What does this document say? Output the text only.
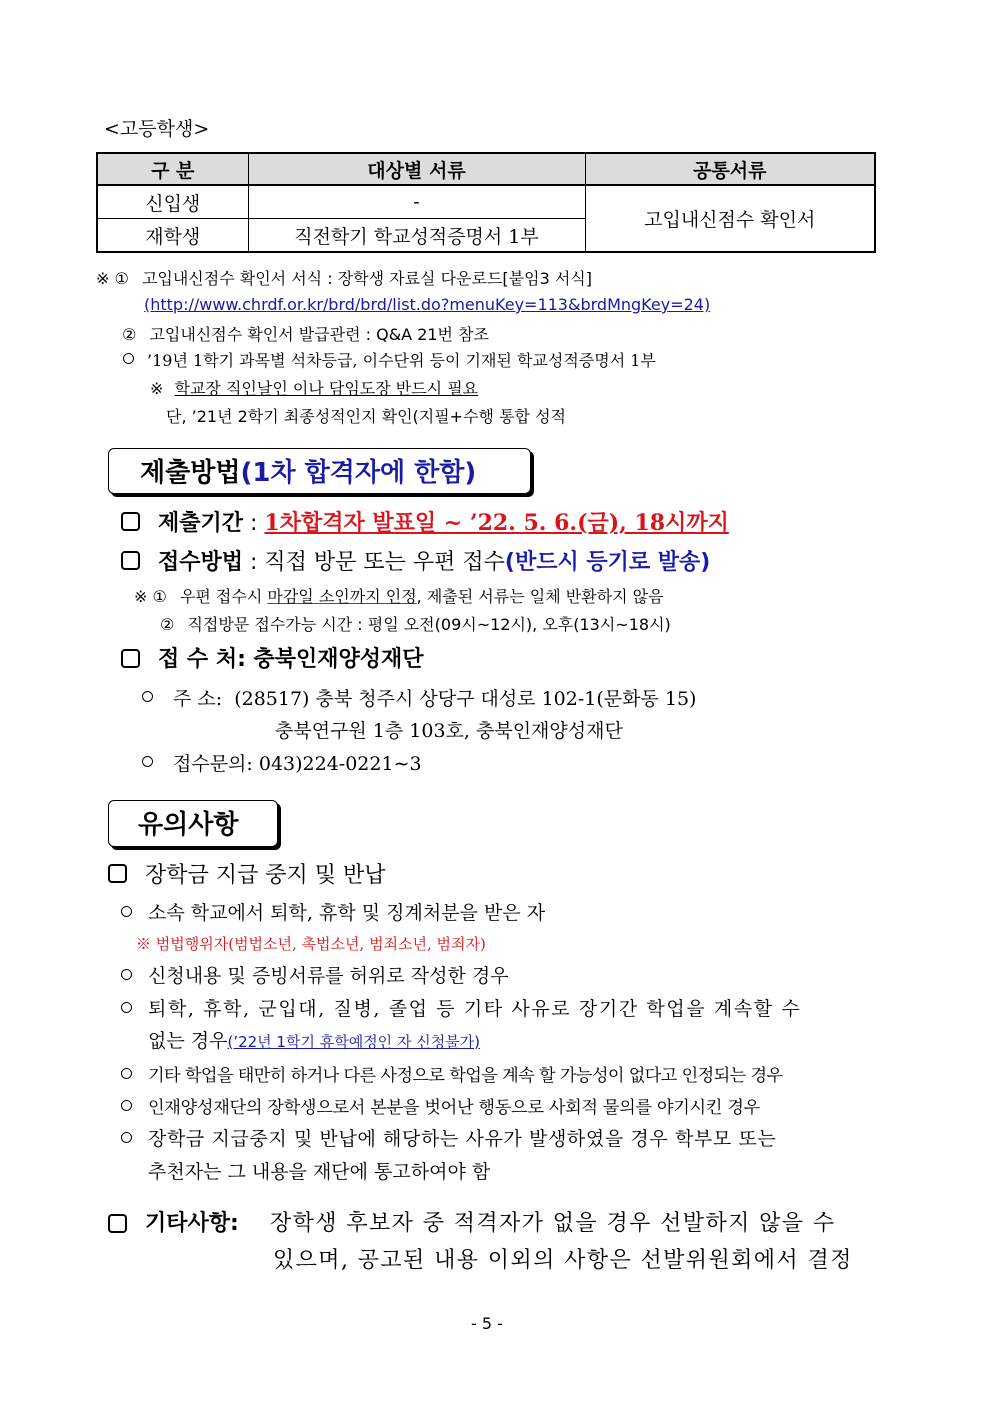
<고등학생>
구 분	대상별 서류	공통서류
신입생	-	고입내신점수 확인서
재학생	직전학기 학교성적증명서 1부	
※ ① 고입내신점수 확인서 서식 : 장학생 자료실 다운로드[붙임3 서식]
(http://www.chrdf.or.kr/brd/brd/list.do?menuKey=113&brdMngKey=24)
② 고입내신점수 확인서 발급관련 : Q&A 21번 참조
’19년 1학기 과목별 석차등급, 이수단위 등이 기재된 학교성적증명서 1부
※ 학교장 직인날인 이나 담임도장 반드시 필요
단, ’21년 2학기 최종성적인지 확인(지필+수행 통합 성적
제출방법(1차 합격자에 한함)
제출기간 : 1차합격자 발표일 ~ ’22. 5. 6.(금), 18시까지
접수방법 : 직접 방문 또는 우편 접수(반드시 등기로 발송)
※ ① 우편 접수시 마감일 소인까지 인정, 제출된 서류는 일체 반환하지 않음
② 직접방문 접수가능 시간 : 평일 오전(09시~12시), 오후(13시~18시)
접 수 처: 충북인재양성재단
주 소: (28517) 충북 청주시 상당구 대성로 102-1(문화동 15)
충북연구원 1층 103호, 충북인재양성재단
접수문의: 043)224-0221∼3
유의사항
장학금 지급 중지 및 반납
소속 학교에서 퇴학, 휴학 및 징계처분을 받은 자
※ 범법행위자(범법소년, 촉법소년, 범죄소년, 범죄자)
신청내용 및 증빙서류를 허위로 작성한 경우
퇴학, 휴학, 군입대, 질병, 졸업 등 기타 사유로 장기간 학업을 계속할 수
없는 경우(’22년 1학기 휴학예정인 자 신청불가)
기타 학업을 태만히 하거나 다른 사정으로 학업을 계속 할 가능성이 없다고 인정되는 경우
인재양성재단의 장학생으로서 본분을 벗어난 행동으로 사회적 물의를 야기시킨 경우
장학금 지급중지 및 반납에 해당하는 사유가 발생하였을 경우 학부모 또는
추천자는 그 내용을 재단에 통고하여야 함
기타사항: 장학생 후보자 중 적격자가 없을 경우 선발하지 않을 수
있으며, 공고된 내용 이외의 사항은 선발위원회에서 결정
- 5 -
